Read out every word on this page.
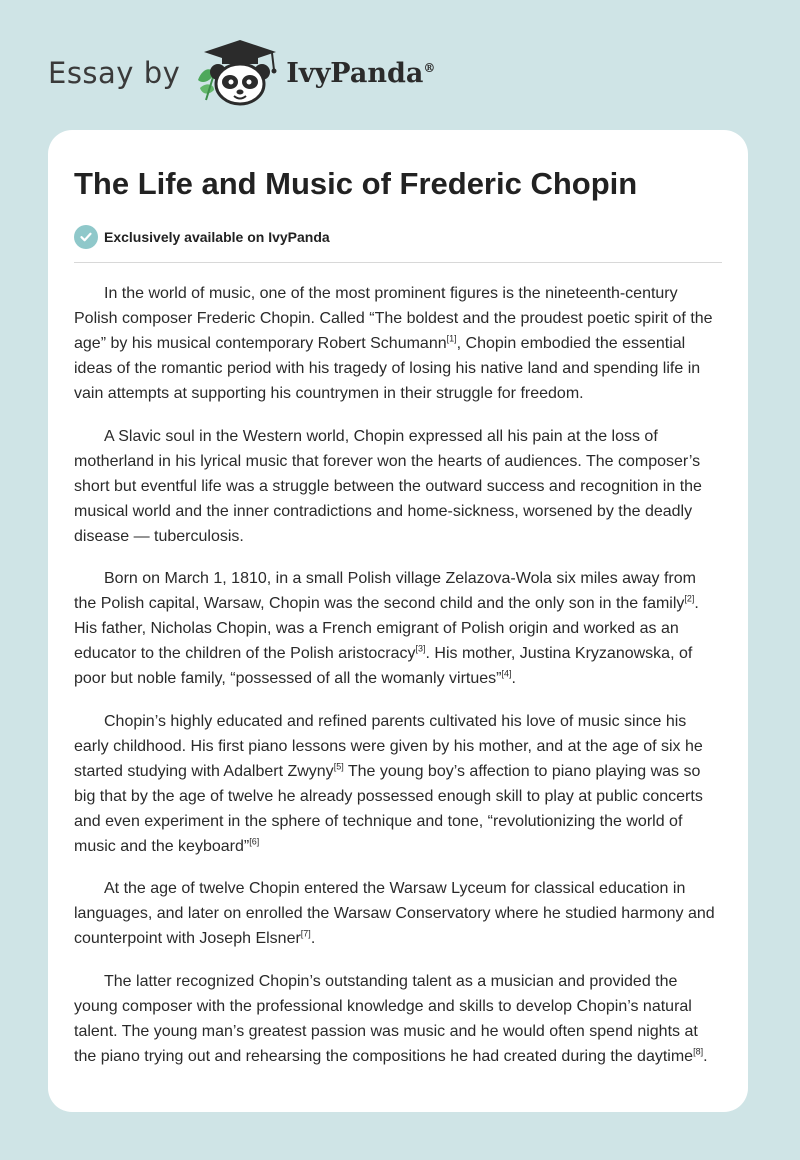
Essay by	IvyPanda®
The Life and Music of Frederic Chopin
Exclusively available on IvyPanda

In the world of music, one of the most prominent figures is the nineteenth-century Polish composer Frederic Chopin. Called “The boldest and the proudest poetic spirit of the age” by his musical contemporary Robert Schumann[1], Chopin embodied the essential ideas of the romantic period with his tragedy of losing his native land and spending life in vain attempts at supporting his countrymen in their struggle for freedom.

A Slavic soul in the Western world, Chopin expressed all his pain at the loss of motherland in his lyrical music that forever won the hearts of audiences. The composer’s short but eventful life was a struggle between the outward success and recognition in the musical world and the inner contradictions and home-sickness, worsened by the deadly disease — tuberculosis.

Born on March 1, 1810, in a small Polish village Zelazova-Wola six miles away from the Polish capital, Warsaw, Chopin was the second child and the only son in the family[2]. His father, Nicholas Chopin, was a French emigrant of Polish origin and worked as an educator to the children of the Polish aristocracy[3]. His mother, Justina Kryzanowska, of poor but noble family, “possessed of all the womanly virtues”[4].

Chopin’s highly educated and refined parents cultivated his love of music since his early childhood. His first piano lessons were given by his mother, and at the age of six he started studying with Adalbert Zwyny[5] The young boy’s affection to piano playing was so big that by the age of twelve he already possessed enough skill to play at public concerts and even experiment in the sphere of technique and tone, “revolutionizing the world of music and the keyboard”[6]

At the age of twelve Chopin entered the Warsaw Lyceum for classical education in languages, and later on enrolled the Warsaw Conservatory where he studied harmony and counterpoint with Joseph Elsner[7].

The latter recognized Chopin’s outstanding talent as a musician and provided the young composer with the professional knowledge and skills to develop Chopin’s natural talent. The young man’s greatest passion was music and he would often spend nights at the piano trying out and rehearsing the compositions he had created during the daytime[8].
